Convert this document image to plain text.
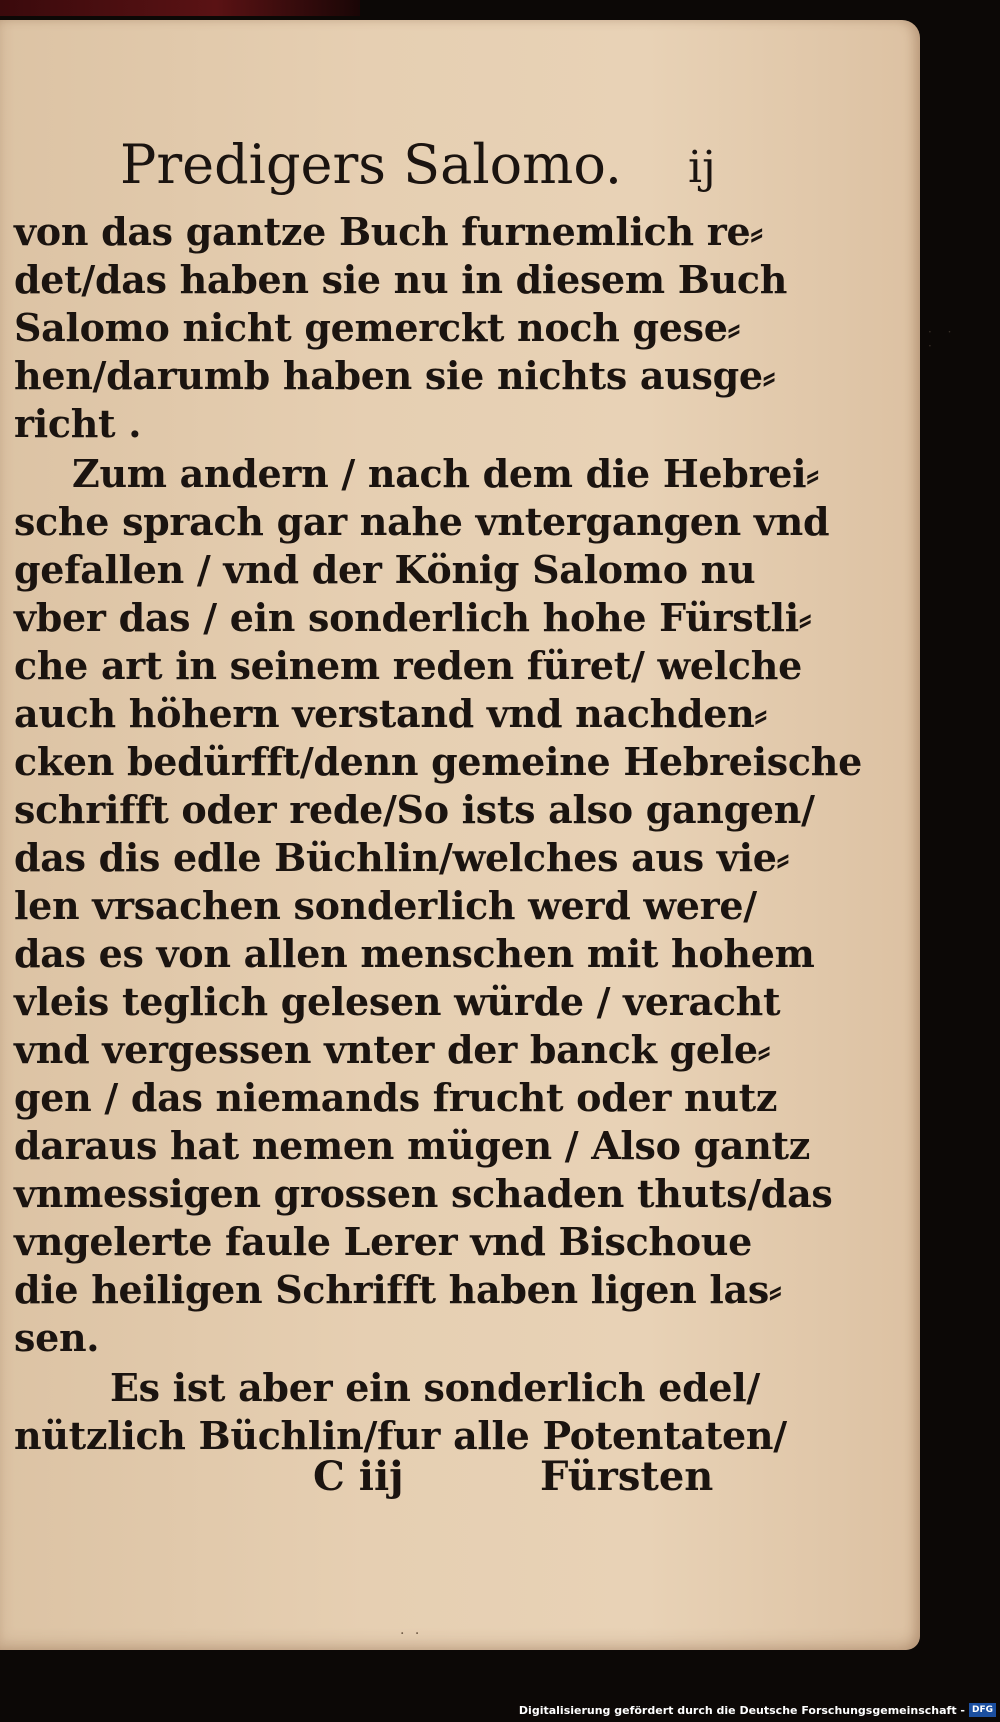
· · ·
Predigers Salomo. ij
von das gantze Buch furnemlich re⸗
det/das haben sie nu in diesem Buch
Salomo nicht gemerckt noch gese⸗
hen/darumb haben sie nichts ausge⸗
richt .
Zum andern / nach dem die Hebrei⸗
sche sprach gar nahe vntergangen vnd
gefallen / vnd der König Salomo nu
vber das / ein sonderlich hohe Fürstli⸗
che art in seinem reden füret/ welche
auch höhern verstand vnd nachden⸗
cken bedürfft/denn gemeine Hebreische
schrifft oder rede/So ists also gangen/
das dis edle Büchlin/welches aus vie⸗
len vrsachen sonderlich werd were/
das es von allen menschen mit hohem
vleis teglich gelesen würde / veracht
vnd vergessen vnter der banck gele⸗
gen / das niemands frucht oder nutz
daraus hat nemen mügen / Also gantz
vnmessigen grossen schaden thuts/das
vngelerte faule Lerer vnd Bischoue
die heiligen Schrifft haben ligen las⸗
sen.
Es ist aber ein sonderlich edel/
nützlich Büchlin/fur alle Potentaten/
C iij	Fürsten
· ·
Digitalisierung gefördert durch die Deutsche Forschungsgemeinschaft - DFG
